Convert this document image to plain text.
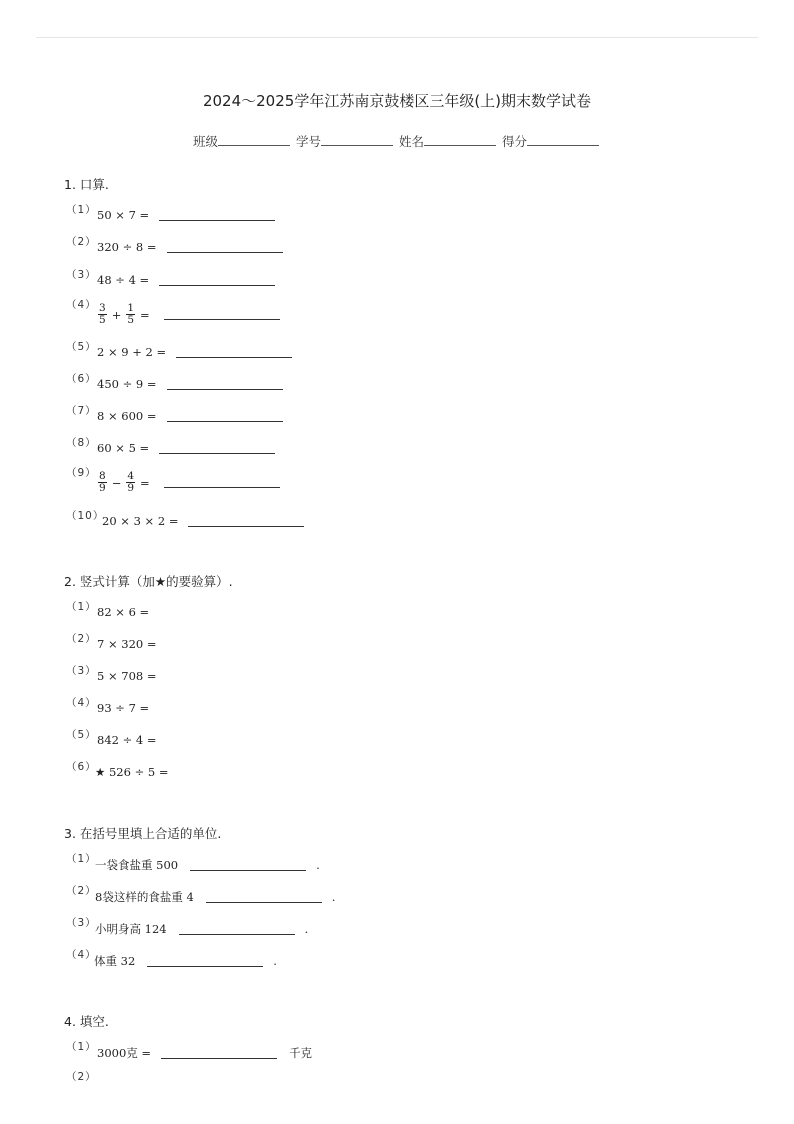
2024～2025学年江苏南京鼓楼区三年级(上)期末数学试卷
班级	学号	姓名	得分
1. 口算.
（1） 50 × 7 =
（2） 320 ÷ 8 =
（3） 48 ÷ 4 =
$(4) \frac{3}{5} + \frac{1}{5}$ =
（5） 2 × 9 + 2 =
（6） 450 ÷ 9 =
（7） 8 × 600 =
（8） 60 × 5 =
$(9) \frac{8}{9} - \frac{4}{9}$ =
（10）
20 × 3 × 2 =
2. 竖式计算（加★的要验算）.
（1） 82 × 6 =
（2） 7 × 320 =
（3） 5 × 708 =
（4） 93 ÷ 7 =
（5） 842 ÷ 4 =
（6）
★ 526 ÷ 5 =
3. 在括号里填上合适的单位.
（1）
一袋食盐重 500	.
（2）
8袋这样的食盐重 4	.
（3）
小明身高 124	.
（4）
体重 32	.
4. 填空.
（1） 3000克 =	千克
（2）
